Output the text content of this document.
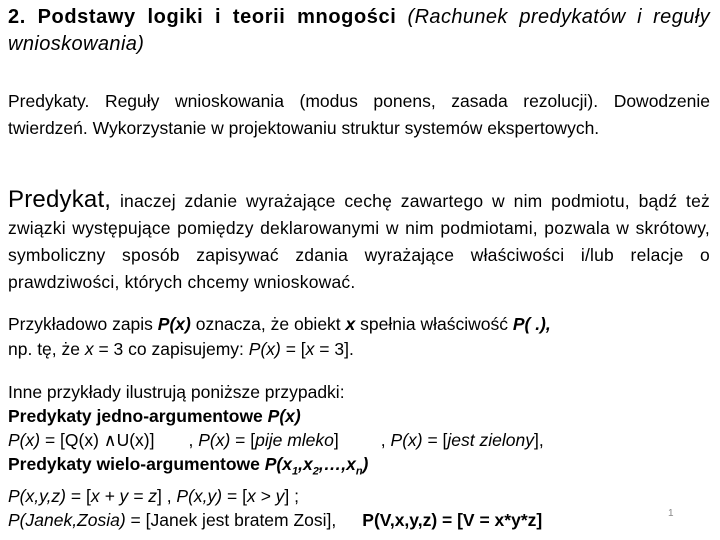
2. Podstawy logiki i teorii mnogości (Rachunek predykatów i reguły wnioskowania)
Predykaty. Reguły wnioskowania (modus ponens, zasada rezolucji). Dowodzenie twierdzeń. Wykorzystanie w projektowaniu struktur systemów ekspertowych.
Predykat, inaczej zdanie wyrażające cechę zawartego w nim podmiotu, bądź też związki występujące pomiędzy deklarowanymi w nim podmiotami, pozwala w skrótowy, symboliczny sposób zapisywać zdania wyrażające właściwości i/lub relacje o prawdziwości, których chcemy wnioskować.
Przykładowo zapis P(x) oznacza, że obiekt x spełnia właściwość P( .),
np. tę, że x = 3 co zapisujemy: P(x) = [x = 3].
Inne przykłady ilustrują poniższe przypadki:
Predykaty jedno-argumentowe P(x)
P(x) = [Q(x) ∧U(x)] , P(x) = [pije mleko] , P(x) = [jest zielony],
Predykaty wielo-argumentowe $P(x_1,x_2,\dots,x_n)$
P(x,y,z) = [x + y = z] , P(x,y) = [x > y] ;
P(Janek,Zosia) = [Janek jest bratem Zosi], P(V,x,y,z) = [V = x*y*z]	1
